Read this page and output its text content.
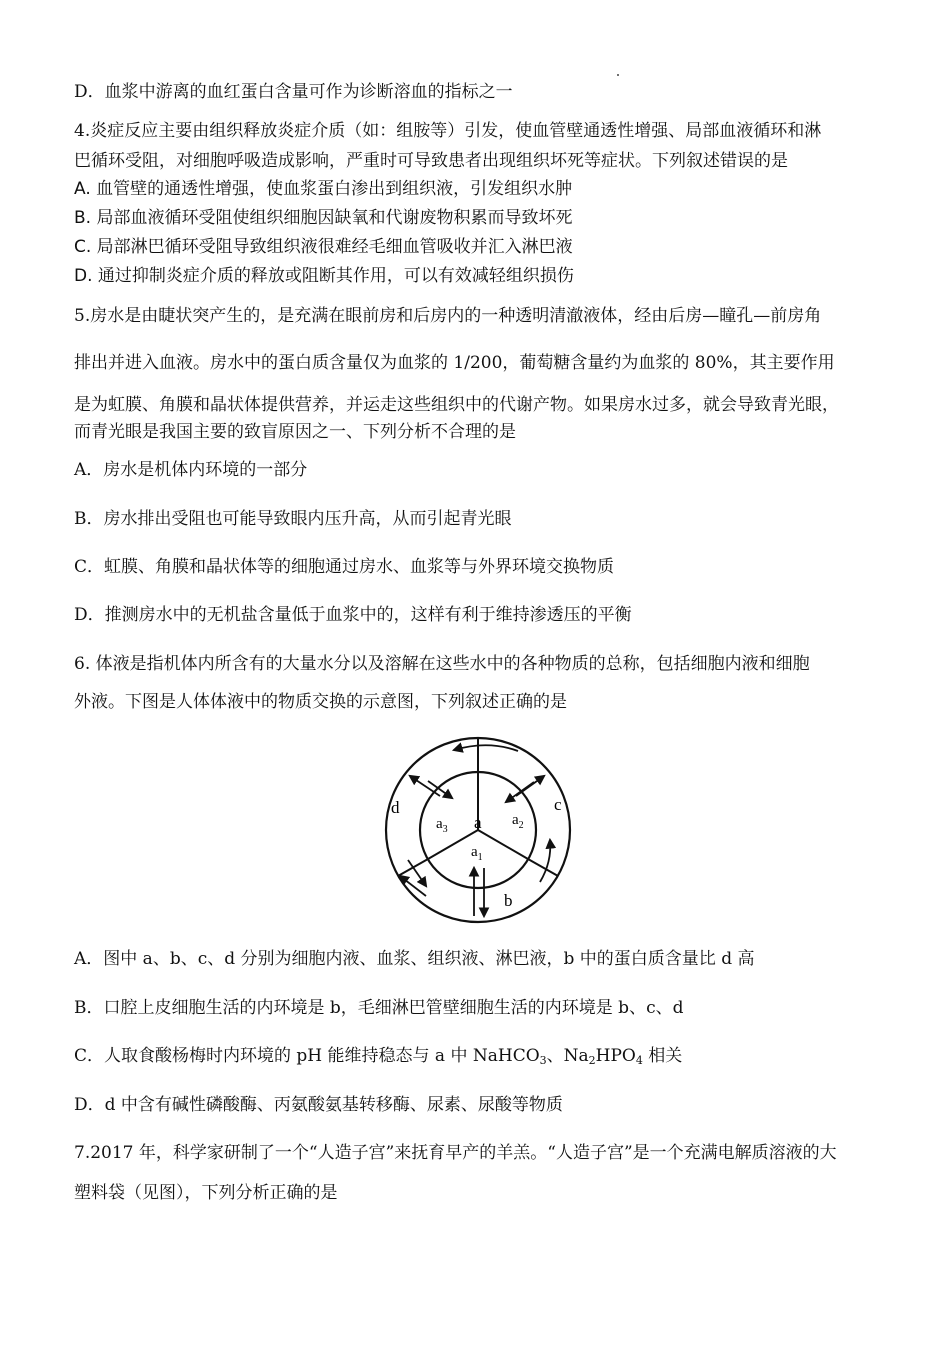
D．血浆中游离的血红蛋白含量可作为诊断溶血的指标之一
4.炎症反应主要由组织释放炎症介质（如：组胺等）引发，使血管壁通透性增强、局部血液循环和淋
巴循环受阻，对细胞呼吸造成影响，严重时可导致患者出现组织坏死等症状。下列叙述错误的是
A. 血管壁的通透性增强，使血浆蛋白渗出到组织液，引发组织水肿
B. 局部血液循环受阻使组织细胞因缺氧和代谢废物积累而导致坏死
C. 局部淋巴循环受阻导致组织液很难经毛细血管吸收并汇入淋巴液
D. 通过抑制炎症介质的释放或阻断其作用，可以有效减轻组织损伤
5.房水是由睫状突产生的，是充满在眼前房和后房内的一种透明清澈液体，经由后房—瞳孔—前房角
排出并进入血液。房水中的蛋白质含量仅为血浆的 1/200，葡萄糖含量约为血浆的 80%，其主要作用
是为虹膜、角膜和晶状体提供营养，并运走这些组织中的代谢产物。如果房水过多，就会导致青光眼，
而青光眼是我国主要的致盲原因之一、下列分析不合理的是
A．房水是机体内环境的一部分
B．房水排出受阻也可能导致眼内压升高，从而引起青光眼
C．虹膜、角膜和晶状体等的细胞通过房水、血浆等与外界环境交换物质
D．推测房水中的无机盐含量低于血浆中的，这样有利于维持渗透压的平衡
6. 体液是指机体内所含有的大量水分以及溶解在这些水中的各种物质的总称，包括细胞内液和细胞
外液。下图是人体体液中的物质交换的示意图，下列叙述正确的是
a
$a_3$
$a_2$
$a_1$
b
c
d
A．图中 a、b、c、d 分别为细胞内液、血浆、组织液、淋巴液，b 中的蛋白质含量比 d 高
B．口腔上皮细胞生活的内环境是 b，毛细淋巴管壁细胞生活的内环境是 b、c、d
C．人取食酸杨梅时内环境的 pH 能维持稳态与 a 中 NaHCO$_3$、$Na_2HPO_4$ 相关
D．d 中含有碱性磷酸酶、丙氨酸氨基转移酶、尿素、尿酸等物质
7.2017 年，科学家研制了一个“人造子宫”来抚育早产的羊羔。“人造子宫”是一个充满电解质溶液的大
塑料袋（见图），下列分析正确的是
